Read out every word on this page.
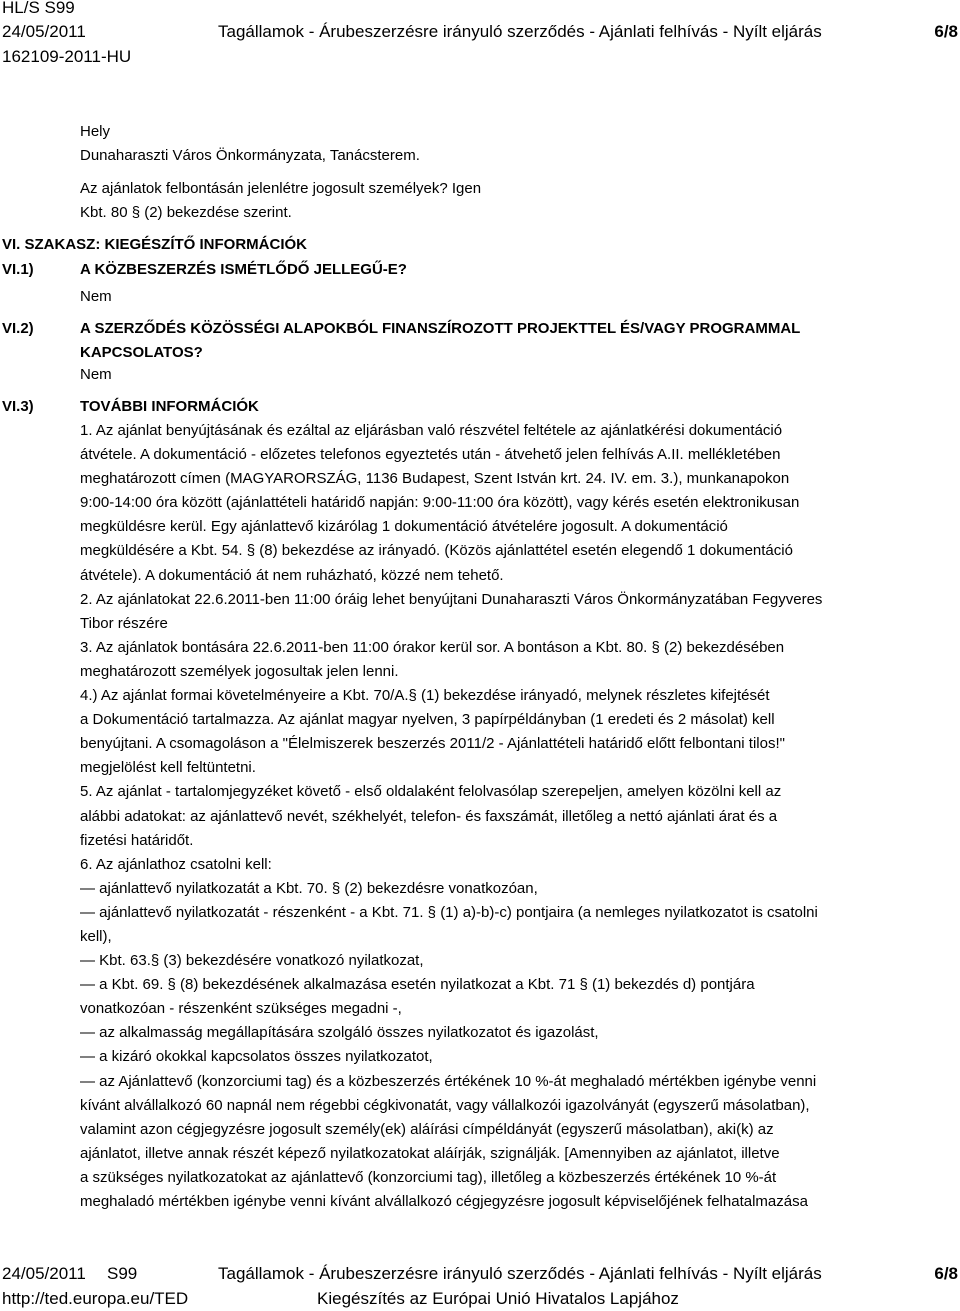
HL/S S99
24/05/2011
162109-2011-HU
Tagállamok - Árubeszerzésre irányuló szerződés - Ajánlati felhívás - Nyílt eljárás	6/8
Hely
Dunaharaszti Város Önkormányzata, Tanácsterem.
Az ajánlatok felbontásán jelenlétre jogosult személyek? Igen
Kbt. 80 § (2) bekezdése szerint.
VI. SZAKASZ: KIEGÉSZÍTŐ INFORMÁCIÓK
VI.1)	A KÖZBESZERZÉS ISMÉTLŐDŐ JELLEGŰ-E?
Nem
VI.2)	A SZERZŐDÉS KÖZÖSSÉGI ALAPOKBÓL FINANSZÍROZOTT PROJEKTTEL ÉS/VAGY PROGRAMMAL
KAPCSOLATOS?
Nem
VI.3)	TOVÁBBI INFORMÁCIÓK

1. Az ajánlat benyújtásának és ezáltal az eljárásban való részvétel feltétele az ajánlatkérési dokumentáció

átvétele. A dokumentáció - előzetes telefonos egyeztetés után - átvehető jelen felhívás A.II. mellékletében

meghatározott címen (MAGYARORSZÁG, 1136 Budapest, Szent István krt. 24. IV. em. 3.), munkanapokon

9:00-14:00 óra között (ajánlattételi határidő napján: 9:00-11:00 óra között), vagy kérés esetén elektronikusan

megküldésre kerül. Egy ajánlattevő kizárólag 1 dokumentáció átvételére jogosult. A dokumentáció

megküldésére a Kbt. 54. § (8) bekezdése az irányadó. (Közös ajánlattétel esetén elegendő 1 dokumentáció

átvétele). A dokumentáció át nem ruházható, közzé nem tehető.

2. Az ajánlatokat 22.6.2011-ben 11:00 óráig lehet benyújtani Dunaharaszti Város Önkormányzatában Fegyveres

Tibor részére

3. Az ajánlatok bontására 22.6.2011-ben 11:00 órakor kerül sor. A bontáson a Kbt. 80. § (2) bekezdésében

meghatározott személyek jogosultak jelen lenni.

4.) Az ajánlat formai követelményeire a Kbt. 70/A.§ (1) bekezdése irányadó, melynek részletes kifejtését

a Dokumentáció tartalmazza. Az ajánlat magyar nyelven, 3 papírpéldányban (1 eredeti és 2 másolat) kell

benyújtani. A csomagoláson a "Élelmiszerek beszerzés 2011/2 - Ajánlattételi határidő előtt felbontani tilos!"

megjelölést kell feltüntetni.

5. Az ajánlat - tartalomjegyzéket követő - első oldalaként felolvasólap szerepeljen, amelyen közölni kell az

alábbi adatokat: az ajánlattevő nevét, székhelyét, telefon- és faxszámát, illetőleg a nettó ajánlati árat és a

fizetési határidőt.

6. Az ajánlathoz csatolni kell:

— ajánlattevő nyilatkozatát a Kbt. 70. § (2) bekezdésre vonatkozóan,

— ajánlattevő nyilatkozatát - részenként - a Kbt. 71. § (1) a)-b)-c) pontjaira (a nemleges nyilatkozatot is csatolni

kell),

— Kbt. 63.§ (3) bekezdésére vonatkozó nyilatkozat,

— a Kbt. 69. § (8) bekezdésének alkalmazása esetén nyilatkozat a Kbt. 71 § (1) bekezdés d) pontjára

vonatkozóan - részenként szükséges megadni -,

— az alkalmasság megállapítására szolgáló összes nyilatkozatot és igazolást,

— a kizáró okokkal kapcsolatos összes nyilatkozatot,

— az Ajánlattevő (konzorciumi tag) és a közbeszerzés értékének 10 %-át meghaladó mértékben igénybe venni

kívánt alvállalkozó 60 napnál nem régebbi cégkivonatát, vagy vállalkozói igazolványát (egyszerű másolatban),

valamint azon cégjegyzésre jogosult személy(ek) aláírási címpéldányát (egyszerű másolatban), aki(k) az

ajánlatot, illetve annak részét képező nyilatkozatokat aláírják, szignálják. [Amennyiben az ajánlatot, illetve

a szükséges nyilatkozatokat az ajánlattevő (konzorciumi tag), illetőleg a közbeszerzés értékének 10 %-át

meghaladó mértékben igénybe venni kívánt alvállalkozó cégjegyzésre jogosult képviselőjének felhatalmazása

24/05/2011 S99	Tagállamok - Árubeszerzésre irányuló szerződés - Ajánlati felhívás - Nyílt eljárás	6/8
http://ted.europa.eu/TED	Kiegészítés az Európai Unió Hivatalos Lapjához
